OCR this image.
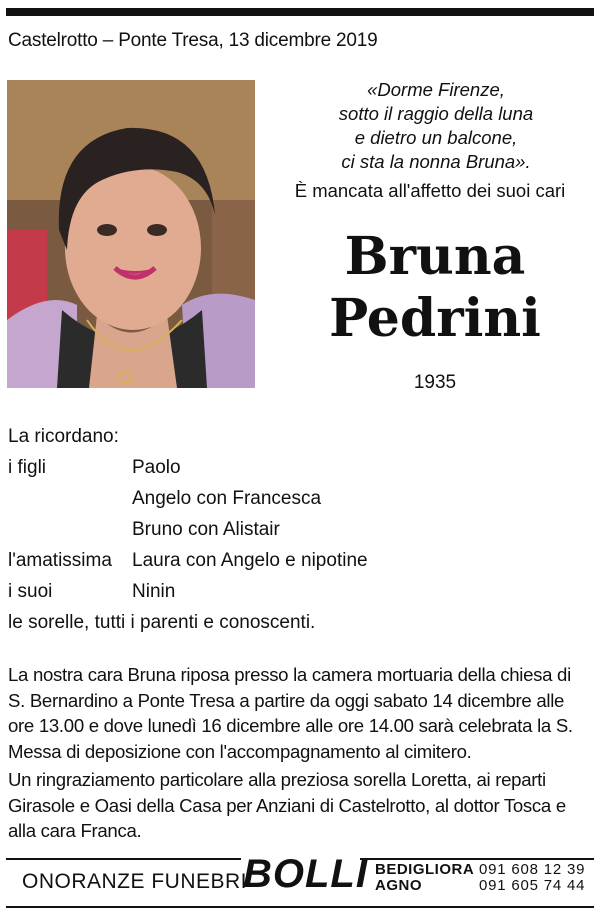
Castelrotto – Ponte Tresa, 13 dicembre 2019
«Dorme Firenze,
sotto il raggio della luna
e dietro un balcone,
ci sta la nonna Bruna».
È mancata all'affetto dei suoi cari
Bruna
Pedrini
1935
La ricordano:
i figli	Paolo
Angelo con Francesca
Bruno con Alistair
l'amatissima	Laura con Angelo e nipotine
i suoi	Ninin
le sorelle, tutti i parenti e conoscenti.
La nostra cara Bruna riposa presso la camera mortuaria della chiesa di S. Bernardino a Ponte Tresa a partire da oggi sabato 14 dicembre alle ore 13.00 e dove lunedì 16 dicembre alle ore 14.00 sarà celebrata la S. Messa di deposizione con l'accompagnamento al cimitero.
Un ringraziamento particolare alla preziosa sorella Loretta, ai reparti Girasole e Oasi della Casa per Anziani di Castelrotto, al dottor Tosca e alla cara Franca.
ONORANZE FUNEBRI
BOLLI BEDIGLIORA 091 608 12 39
AGNO	091 605 74 44
